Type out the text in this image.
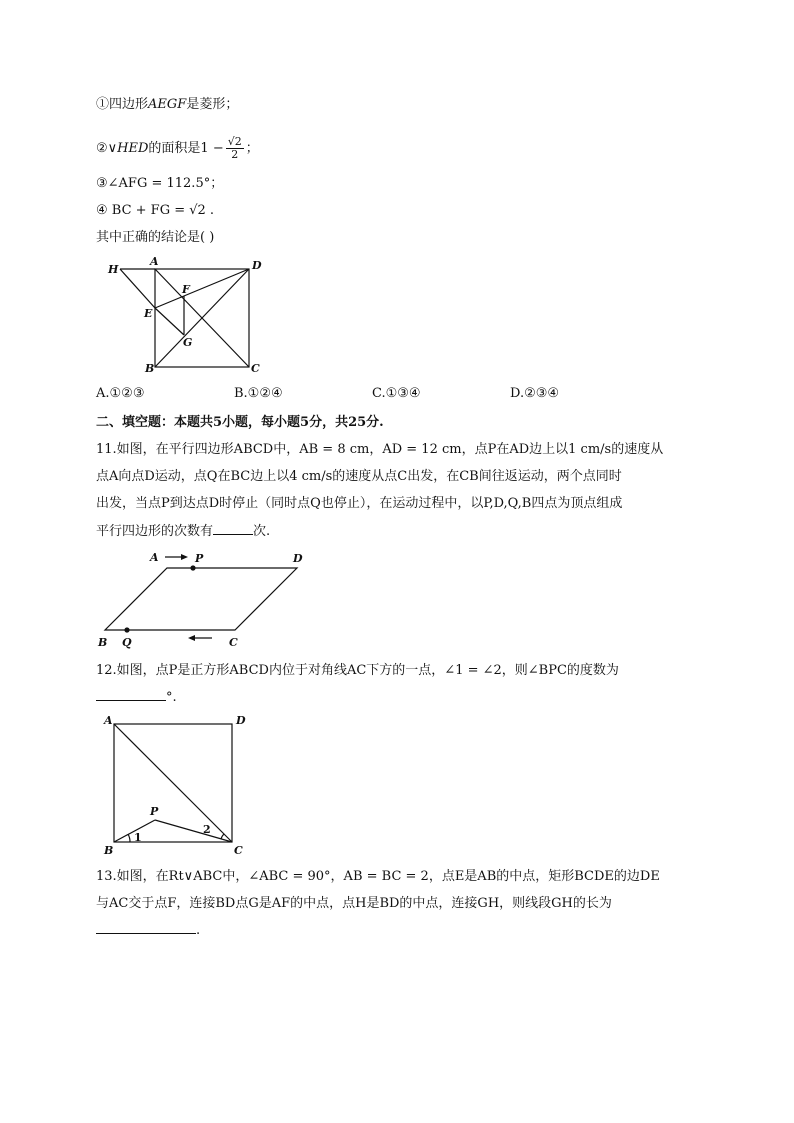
①四边形AEGF是菱形；
②∨HED的面积是$1 - \frac{√2}{2}$ ；
③∠AFG = 112.5°；
④ BC + FG = √2 .
其中正确的结论是( )
H
A	D
F
E
G
B	C
A.①②③	B.①②④	C.①③④	D.②③④
二、填空题：本题共5小题，每小题5分，共25分.
11.如图，在平行四边形ABCD中，AB = 8 cm，AD = 12 cm，点P在AD边上以1 cm/s的速度从
点A向点D运动，点Q在BC边上以4 cm/s的速度从点C出发，在CB间往返运动，两个点同时
出发，当点P到达点D时停止（同时点Q也停止），在运动过程中，以P,D,Q,B四点为顶点组成
平行四边形的次数有	次.
A	P	D
B Q	C
12.如图，点P是正方形ABCD内位于对角线AC下方的一点，∠1 = ∠2，则∠BPC的度数为
°.
A	D
P
B	C
1
2
13.如图，在Rt∨ABC中，∠ABC = 90°，AB = BC = 2，点E是AB的中点，矩形BCDE的边DE
与AC交于点F，连接BD点G是AF的中点，点H是BD的中点，连接GH，则线段GH的长为
.
